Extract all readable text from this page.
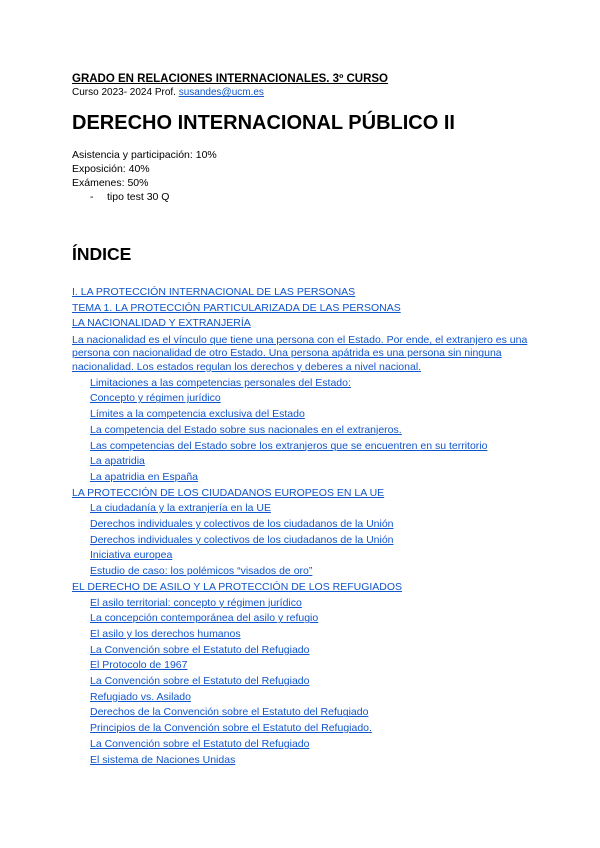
GRADO EN RELACIONES INTERNACIONALES. 3º CURSO
Curso 2023- 2024 Prof. susandes@ucm.es
DERECHO INTERNACIONAL PÚBLICO II
Asistencia y participación: 10%
Exposición: 40%
Exámenes: 50%
- tipo test 30 Q
ÍNDICE
I. LA PROTECCIÓN INTERNACIONAL DE LAS PERSONAS
TEMA 1. LA PROTECCIÓN PARTICULARIZADA DE LAS PERSONAS
LA NACIONALIDAD Y EXTRANJERÍA
La nacionalidad es el vínculo que tiene una persona con el Estado. Por ende, el extranjero es una persona con nacionalidad de otro Estado. Una persona apátrida es una persona sin ninguna nacionalidad. Los estados regulan los derechos y deberes a nivel nacional.
Limitaciones a las competencias personales del Estado:
Concepto y régimen jurídico
Límites a la competencia exclusiva del Estado
La competencia del Estado sobre sus nacionales en el extranjeros.
Las competencias del Estado sobre los extranjeros que se encuentren en su territorio
La apatridia
La apatridia en España
LA PROTECCIÓN DE LOS CIUDADANOS EUROPEOS EN LA UE
La ciudadanía y la extranjería en la UE
Derechos individuales y colectivos de los ciudadanos de la Unión
Derechos individuales y colectivos de los ciudadanos de la Unión
Iniciativa europea
Estudio de caso: los polémicos “visados de oro”
EL DERECHO DE ASILO Y LA PROTECCIÓN DE LOS REFUGIADOS
El asilo territorial: concepto y régimen jurídico
La concepción contemporánea del asilo y refugio
El asilo y los derechos humanos
La Convención sobre el Estatuto del Refugiado
El Protocolo de 1967
La Convención sobre el Estatuto del Refugiado
Refugiado vs. Asilado
Derechos de la Convención sobre el Estatuto del Refugiado
Principios de la Convención sobre el Estatuto del Refugiado.
La Convención sobre el Estatuto del Refugiado
El sistema de Naciones Unidas
